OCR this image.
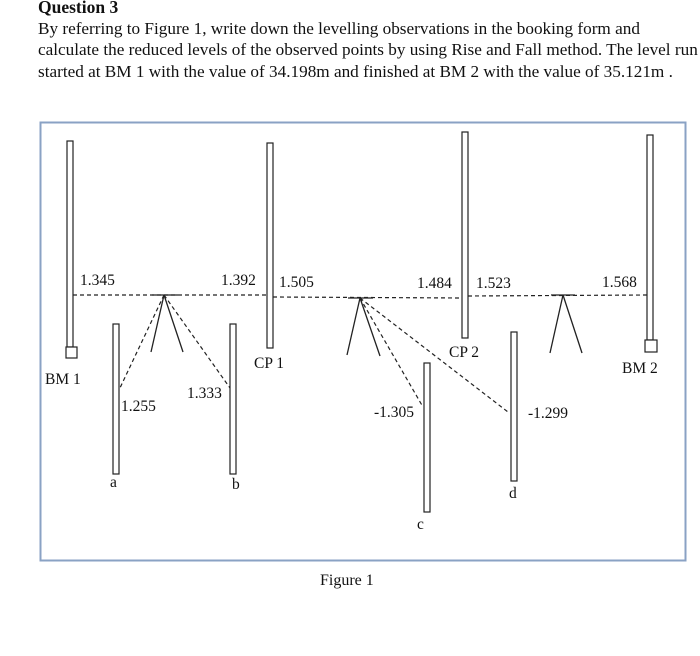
Question 3

By referring to Figure 1, write down the levelling observations in the booking form and calculate the reduced levels of the observed points by using Rise and Fall method. The level run started at BM 1 with the value of 34.198m and finished at BM 2 with the value of 35.121m .

BM 1
a	b
CP 1
CP 2
c
d
BM 2
1.345
1.255
1.333
1.392 1.505
-1.305	-1.299
1.484 1.523	1.568
Figure 1
